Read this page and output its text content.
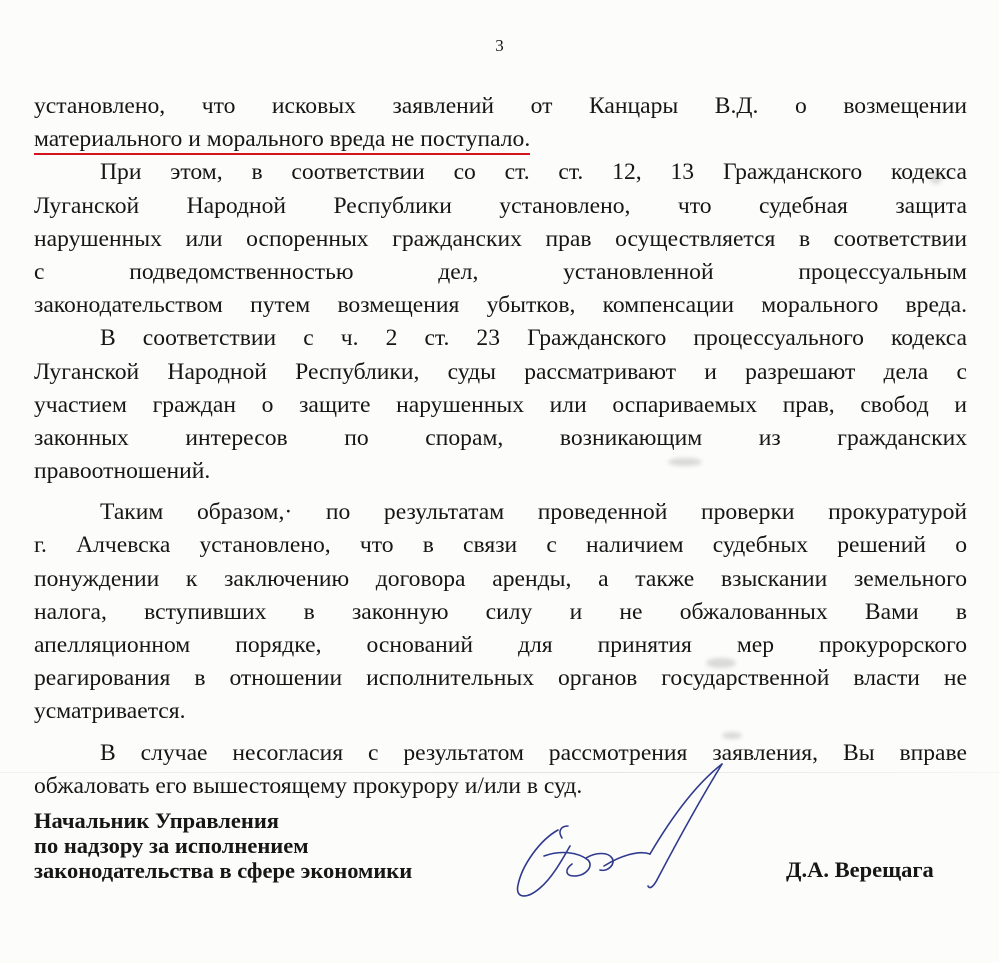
3
установлено, что исковых заявлений от Канцары В.Д. о возмещении
материального и морального вреда не поступало.
При этом, в соответствии со ст. ст. 12, 13 Гражданского кодекса
Луганской Народной Республики установлено, что судебная защита
нарушенных или оспоренных гражданских прав осуществляется в соответствии
с подведомственностью дел, установленной процессуальным
законодательством путем возмещения убытков, компенсации морального вреда.
В соответствии с ч. 2 ст. 23 Гражданского процессуального кодекса
Луганской Народной Республики, суды рассматривают и разрешают дела с
участием граждан о защите нарушенных или оспариваемых прав, свобод и
законных интересов по спорам, возникающим из гражданских
правоотношений.
Таким образом,· по результатам проведенной проверки прокуратурой
г. Алчевска установлено, что в связи с наличием судебных решений о
понуждении к заключению договора аренды, а также взыскании земельного
налога, вступивших в законную силу и не обжалованных Вами в
апелляционном порядке, оснований для принятия мер прокурорского
реагирования в отношении исполнительных органов государственной власти не
усматривается.
В случае несогласия с результатом рассмотрения заявления, Вы вправе
обжаловать его вышестоящему прокурору и/или в суд.
Начальник Управления
по надзору за исполнением
законодательства в сфере экономики	Д.А. Верещага
